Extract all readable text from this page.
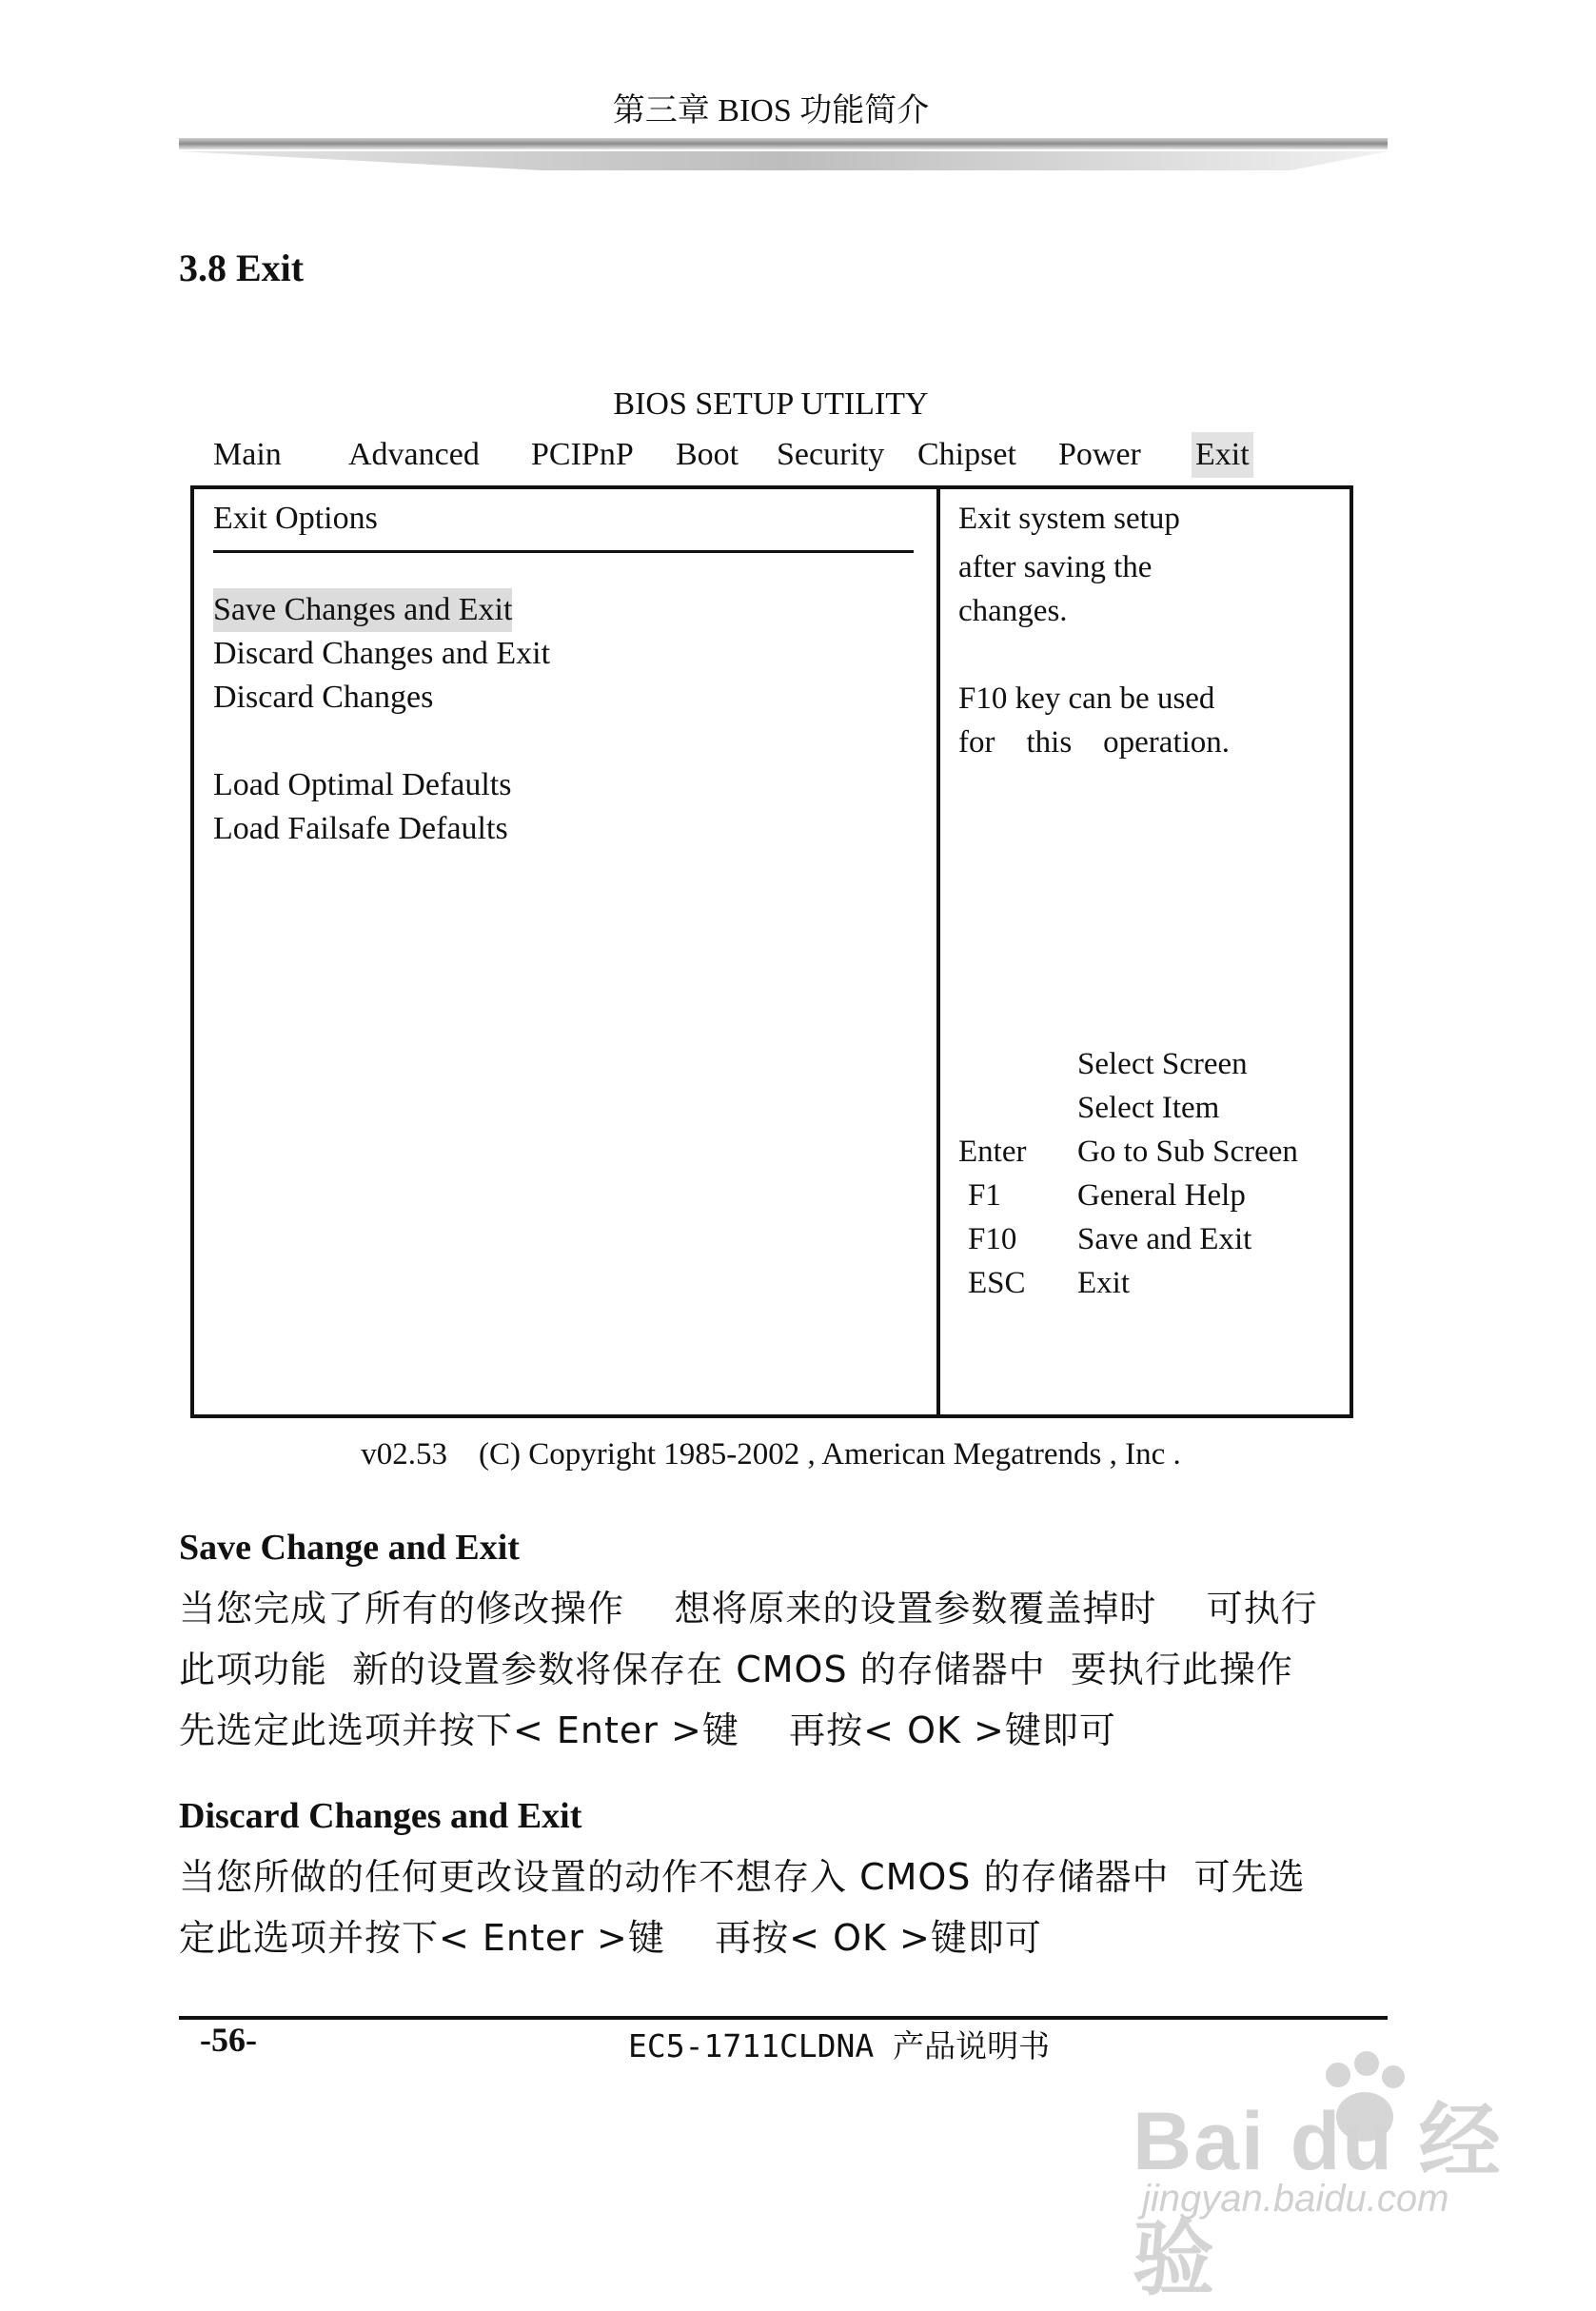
第三章 BIOS 功能简介
3.8 Exit
BIOS SETUP UTILITY
Main	Advanced	PCIPnP	Boot	Security	Chipset	Power	Exit
Exit Options
Save Changes and Exit
Discard Changes and Exit
Discard Changes
Load Optimal Defaults
Load Failsafe Defaults
Exit system setup
after saving the
changes.
F10 key can be used
for    this    operation.
Select Screen
Select Item
Enter Go to Sub Screen
F1 General Help
F10 Save and Exit
ESC Exit
v02.53    (C) Copyright 1985-2002 , American Megatrends , Inc .
Save Change and Exit
当您完成了所有的修改操作    想将原来的设置参数覆盖掉时    可执行
此项功能  新的设置参数将保存在 CMOS 的存储器中  要执行此操作
先选定此选项并按下< Enter >键    再按< OK >键即可
Discard Changes and Exit
当您所做的任何更改设置的动作不想存入 CMOS 的存储器中  可先选
定此选项并按下< Enter >键    再按< OK >键即可
-56-	EC5-1711CLDNA 产品说明书
Bai du 经验
jingyan.baidu.com
